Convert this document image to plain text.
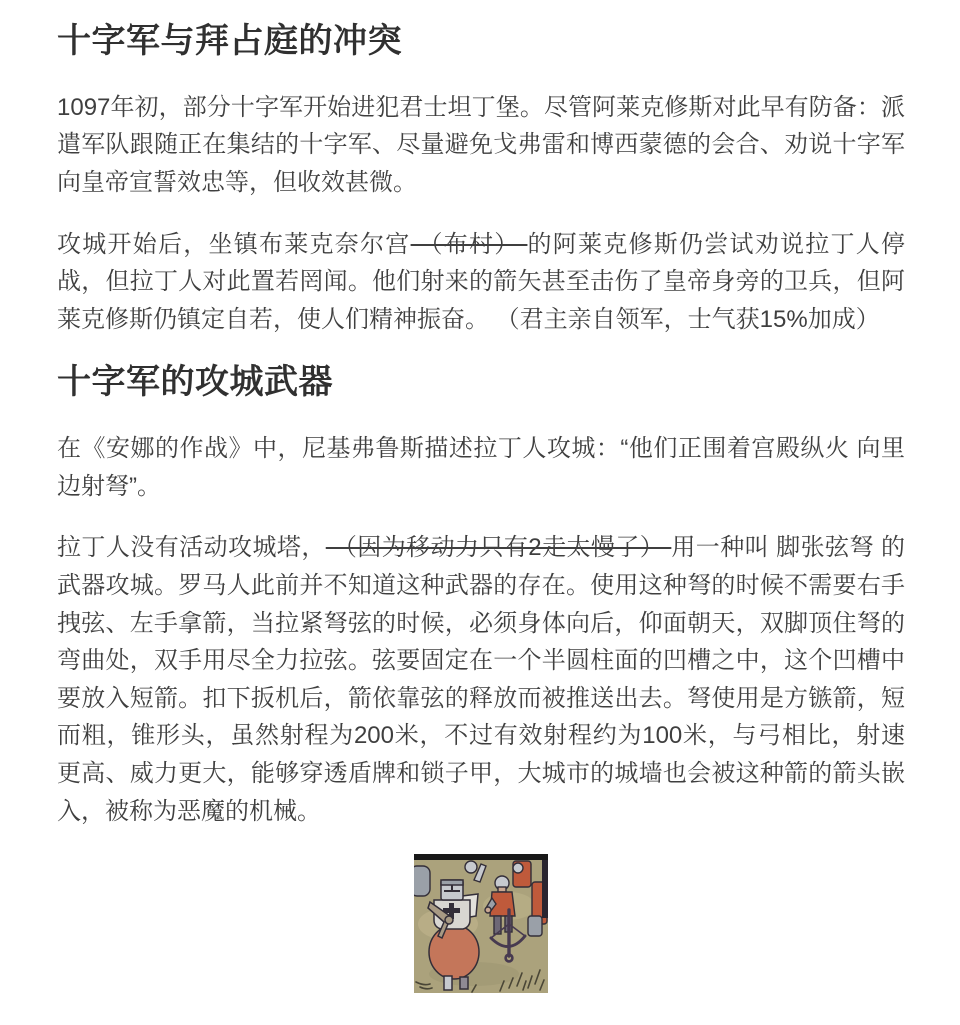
十字军与拜占庭的冲突

1097年初，部分十字军开始进犯君士坦丁堡。尽管阿莱克修斯对此早有防备：派遣军队跟随正在集结的十字军、尽量避免戈弗雷和博西蒙德的会合、劝说十字军向皇帝宣誓效忠等，但收效甚微。

攻城开始后，坐镇布莱克奈尔宫 （布村） 的阿莱克修斯仍尝试劝说拉丁人停战，但拉丁人对此置若罔闻。他们射来的箭矢甚至击伤了皇帝身旁的卫兵，但阿莱克修斯仍镇定自若，使人们精神振奋。 （君主亲自领军，士气获15%加成）

十字军的攻城武器

在《安娜的作战》中，尼基弗鲁斯描述拉丁人攻城：“他们正围着宫殿纵火 向里边射弩”。

拉丁人没有活动攻城塔， （因为移动力只有2走太慢了） 用一种叫 脚张弦弩 的武器攻城。罗马人此前并不知道这种武器的存在。使用这种弩的时候不需要右手拽弦、左手拿箭，当拉紧弩弦的时候，必须身体向后，仰面朝天，双脚顶住弩的弯曲处，双手用尽全力拉弦。弦要固定在一个半圆柱面的凹槽之中，这个凹槽中要放入短箭。扣下扳机后，箭依靠弦的释放而被推送出去。弩使用是方镞箭，短而粗，锥形头，虽然射程为200米，不过有效射程约为100米，与弓相比，射速更高、威力更大，能够穿透盾牌和锁子甲，大城市的城墙也会被这种箭的箭头嵌入，被称为恶魔的机械。
